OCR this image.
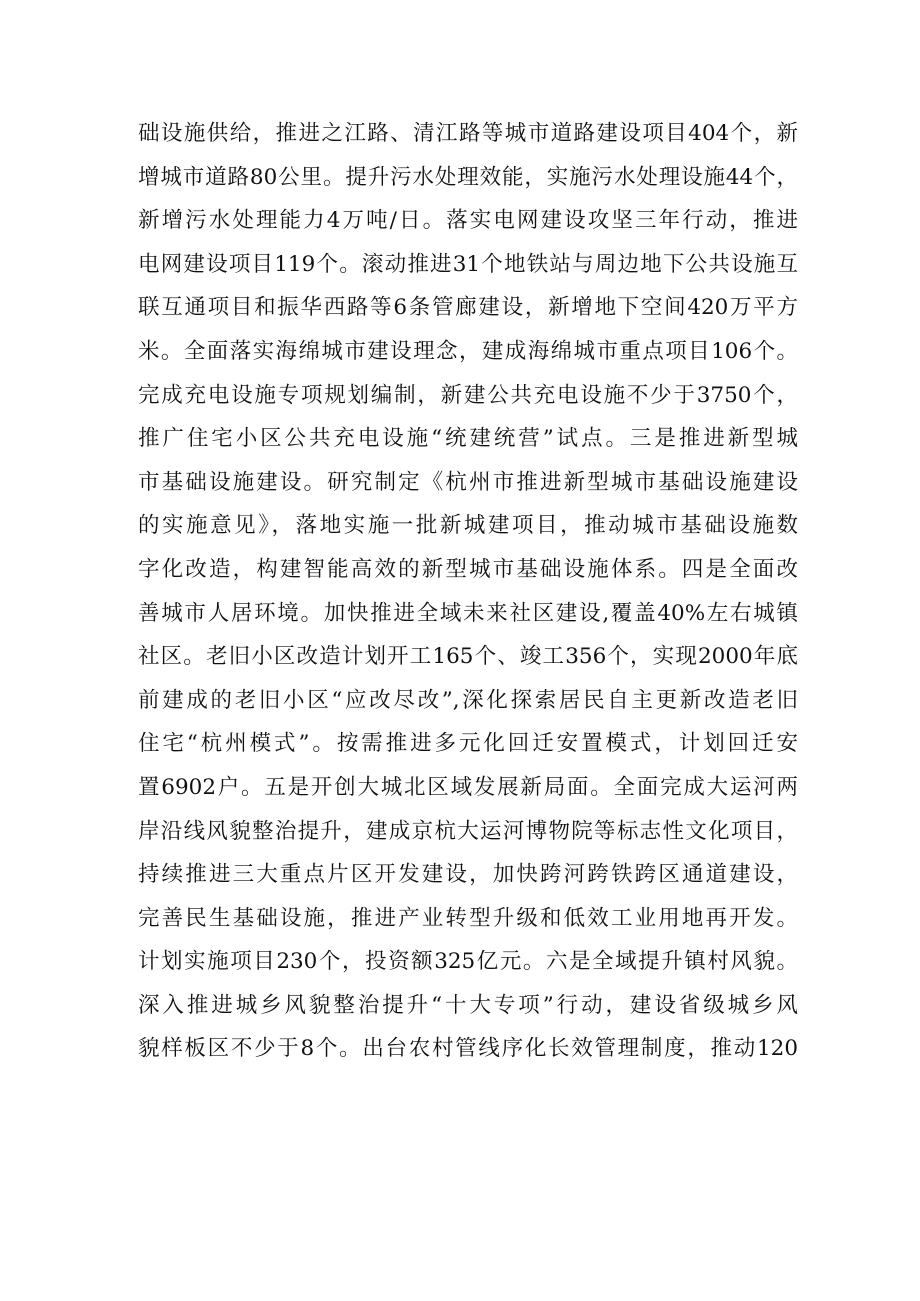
础设施供给，推进之江路、清江路等城市道路建设项目404个，新
增城市道路80公里。提升污水处理效能，实施污水处理设施44个，
新增污水处理能力4万吨/日。落实电网建设攻坚三年行动，推进
电网建设项目119个。滚动推进31个地铁站与周边地下公共设施互
联互通项目和振华西路等6条管廊建设，新增地下空间420万平方
米。全面落实海绵城市建设理念，建成海绵城市重点项目106个。
完成充电设施专项规划编制，新建公共充电设施不少于3750个，
推广住宅小区公共充电设施“统建统营”试点。三是推进新型城
市基础设施建设。研究制定《杭州市推进新型城市基础设施建设
的实施意见》，落地实施一批新城建项目，推动城市基础设施数
字化改造，构建智能高效的新型城市基础设施体系。四是全面改
善城市人居环境。加快推进全域未来社区建设,覆盖40%左右城镇
社区。老旧小区改造计划开工165个、竣工356个，实现2000年底
前建成的老旧小区“应改尽改”,深化探索居民自主更新改造老旧
住宅“杭州模式”。按需推进多元化回迁安置模式，计划回迁安
置6902户。五是开创大城北区域发展新局面。全面完成大运河两
岸沿线风貌整治提升，建成京杭大运河博物院等标志性文化项目，
持续推进三大重点片区开发建设，加快跨河跨铁跨区通道建设，
完善民生基础设施，推进产业转型升级和低效工业用地再开发。
计划实施项目230个，投资额325亿元。六是全域提升镇村风貌。
深入推进城乡风貌整治提升“十大专项”行动，建设省级城乡风
貌样板区不少于8个。出台农村管线序化长效管理制度，推动120
